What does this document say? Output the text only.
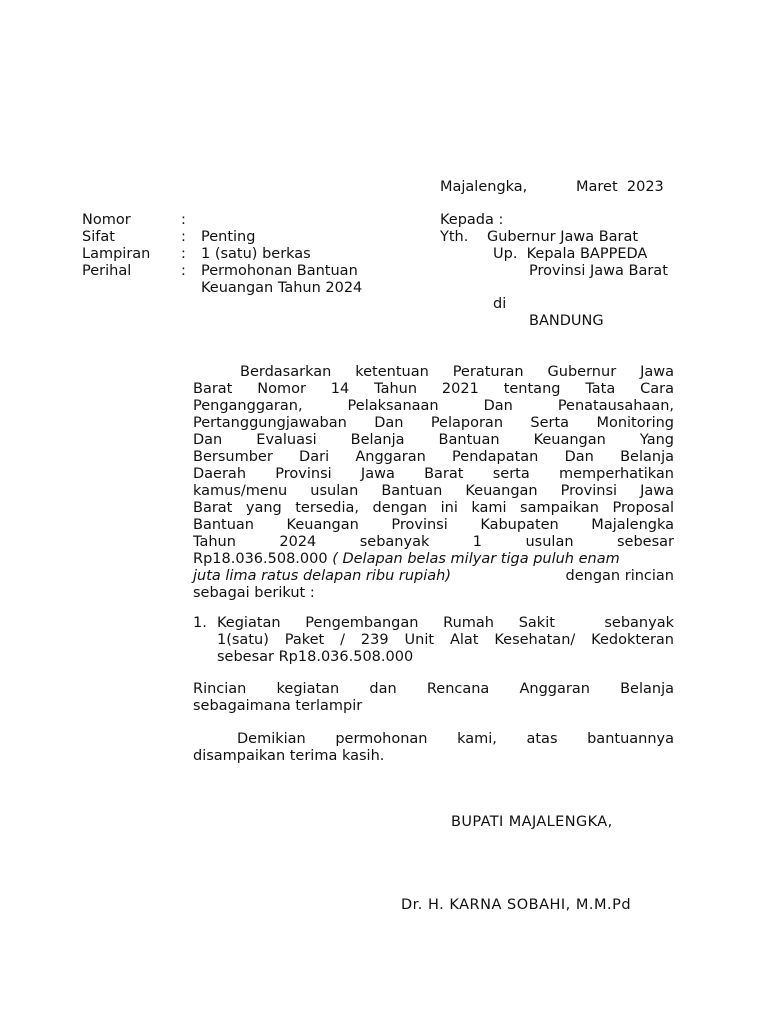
Majalengka,	Maret  2023
Nomor	:
Sifat	: Penting
Lampiran : 1 (satu) berkas
Perihal	: Permohonan Bantuan
Keuangan Tahun 2024
Kepada :
Yth. Gubernur Jawa Barat
Up.  Kepala BAPPEDA
Provinsi Jawa Barat
di
BANDUNG
Berdasarkan ketentuan Peraturan Gubernur Jawa
Barat Nomor 14 Tahun 2021 tentang Tata Cara
Penganggaran, Pelaksanaan Dan Penatausahaan,
Pertanggungjawaban Dan Pelaporan Serta Monitoring
Dan Evaluasi Belanja Bantuan Keuangan Yang
Bersumber Dari Anggaran Pendapatan Dan Belanja
Daerah Provinsi Jawa Barat serta memperhatikan
kamus/menu usulan Bantuan Keuangan Provinsi Jawa
Barat yang tersedia, dengan ini kami sampaikan Proposal
Bantuan Keuangan Provinsi Kabupaten Majalengka
Tahun 2024 sebanyak 1 usulan sebesar
Rp18.036.508.000 ( Delapan belas milyar tiga puluh enam
juta lima ratus delapan ribu rupiah)	dengan rincian
sebagai berikut :
1. Kegiatan Pengembangan Rumah Sakit  sebanyak
1(satu) Paket / 239 Unit Alat Kesehatan/ Kedokteran
sebesar Rp18.036.508.000
Rincian kegiatan dan Rencana Anggaran Belanja
sebagaimana terlampir
Demikian permohonan kami, atas bantuannya
disampaikan terima kasih.
BUPATI MAJALENGKA,
Dr. H. KARNA SOBAHI, M.M.Pd
